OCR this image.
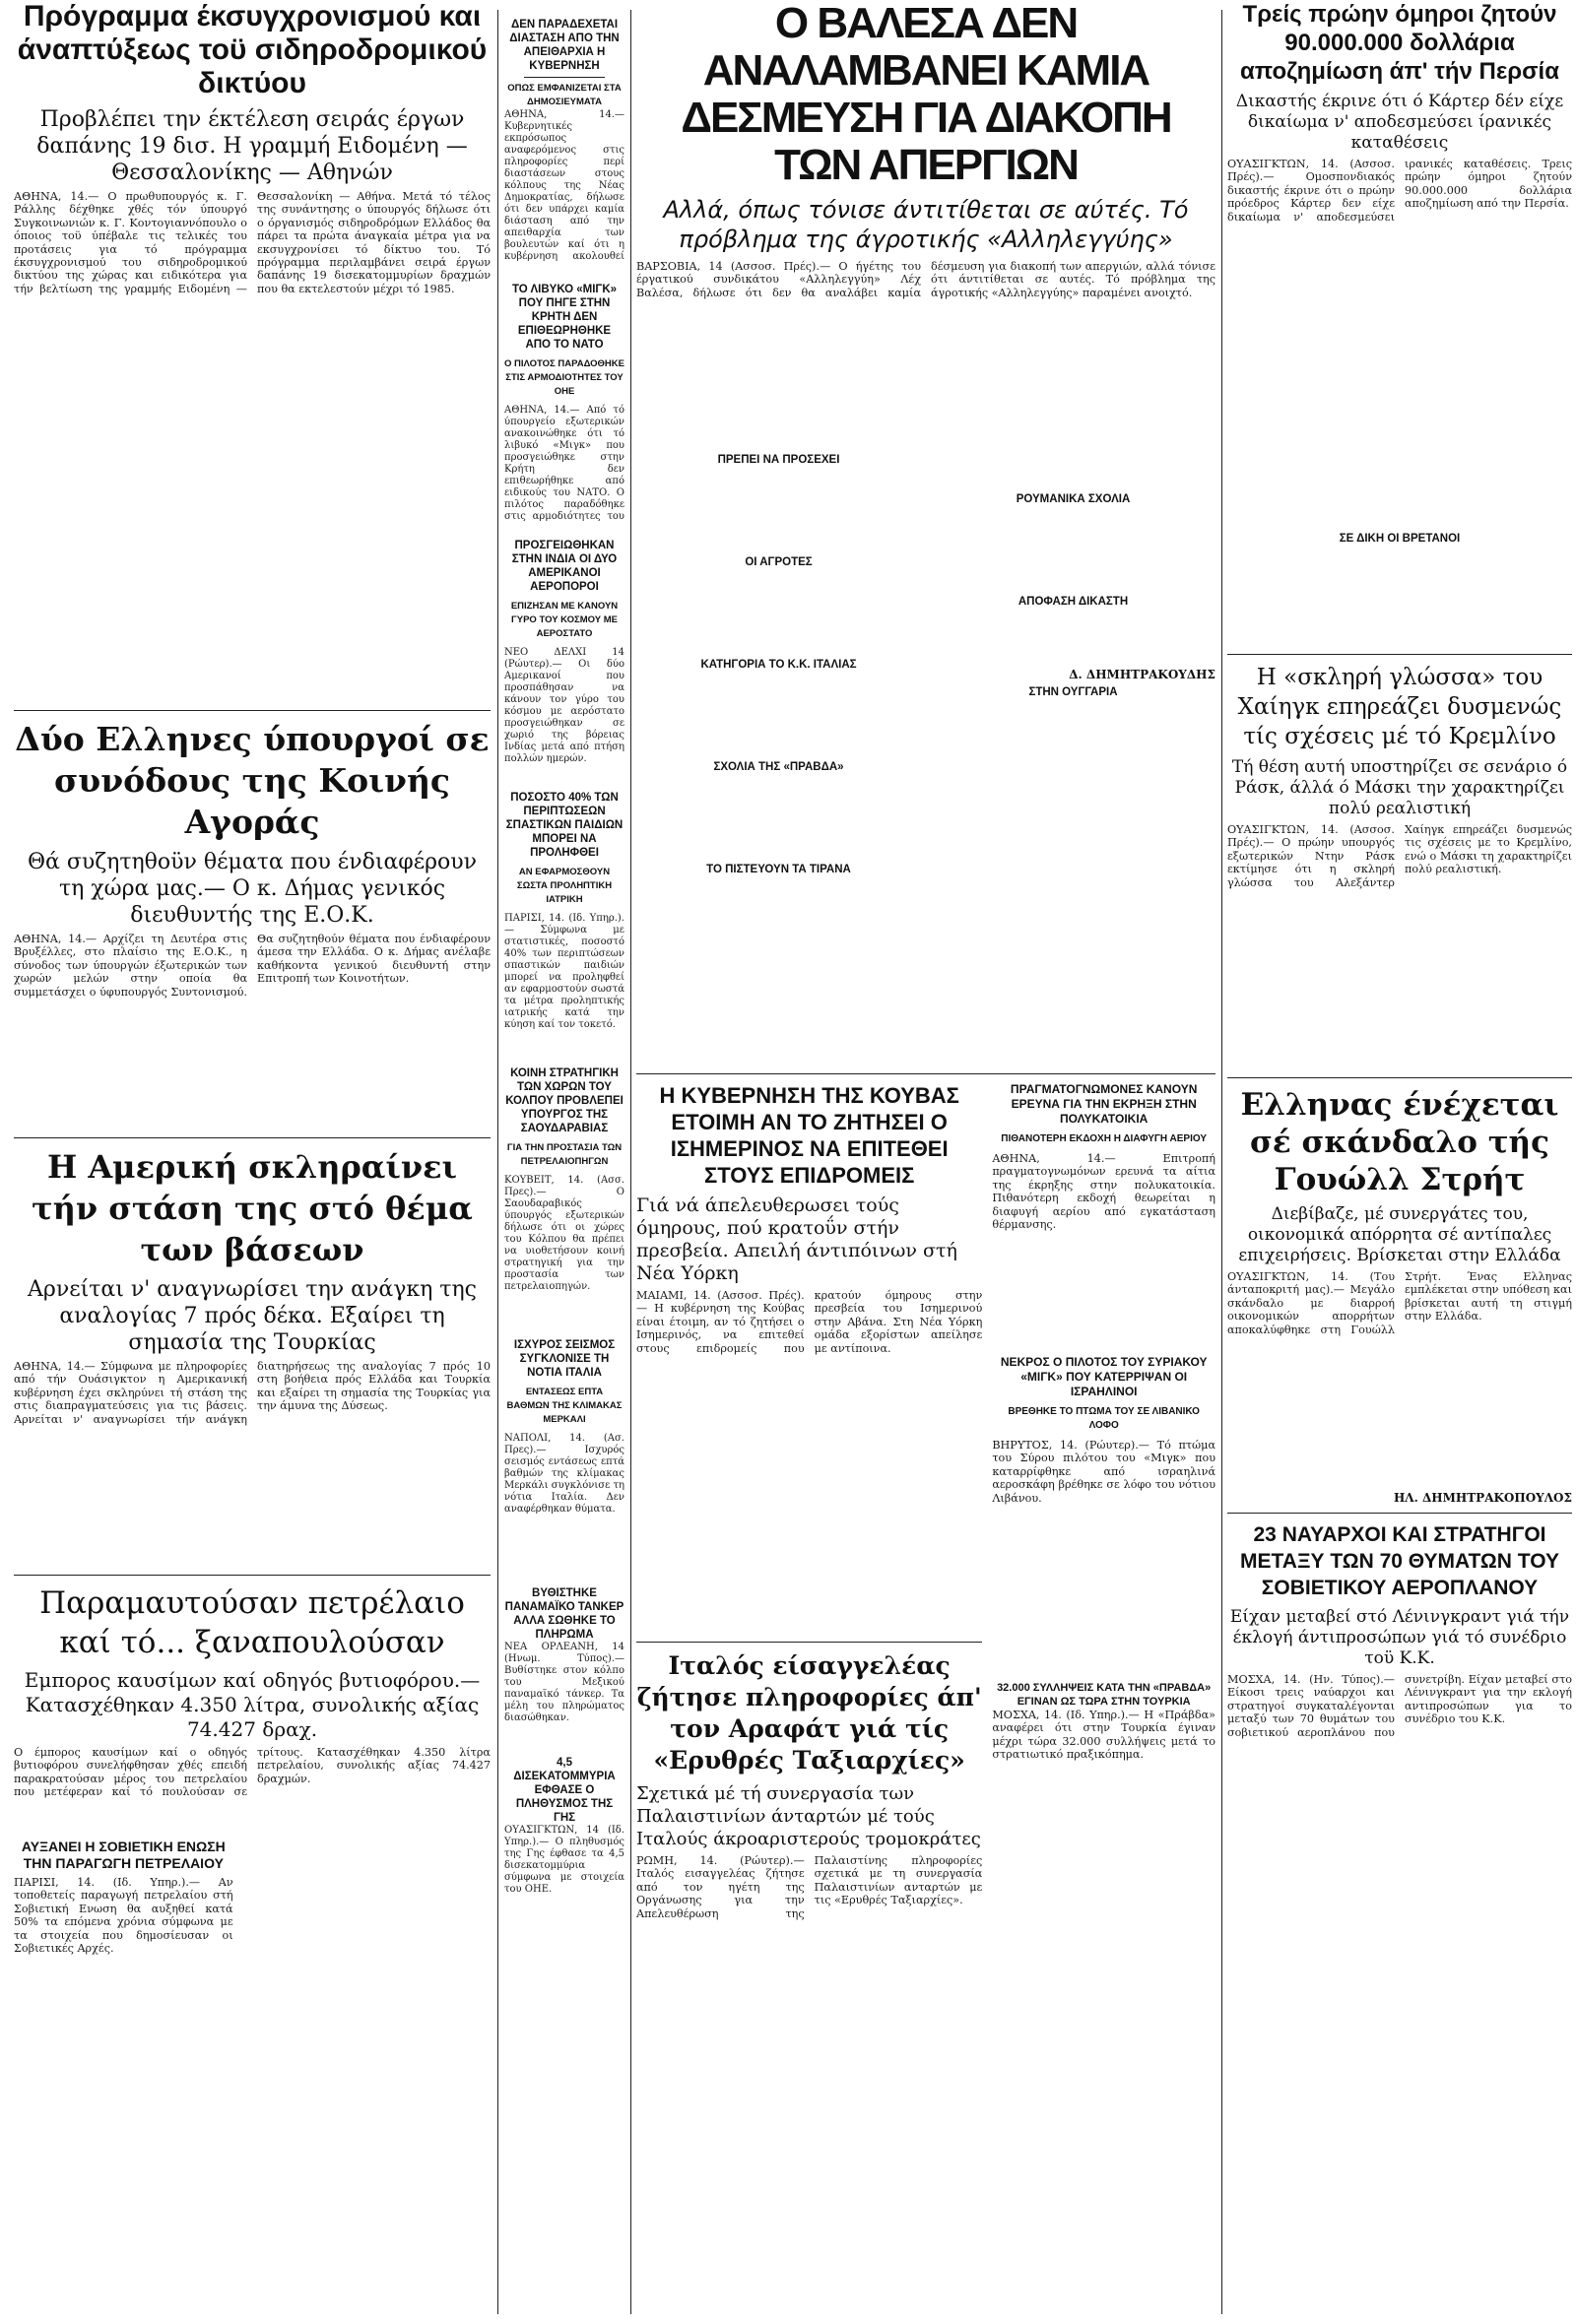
Πρόγραμμα έκσυγχρονισμού και άναπτύξεως τοϋ σιδηροδρομικού δικτύου
Προβλέπει την έκτέλεση σειράς έργων δαπάνης 19 δισ. Η γραμμή Ειδομένη — Θεσσαλονίκης — Αθηνών
ΑΘΗΝΑ, 14.— Ο πρωθυπουργός κ. Γ. Ράλλης δέχθηκε χθές τόν ύπουργό Συγκοινωνιών κ. Γ. Κοντογιαννόπουλο ο όποιος τοϋ ύπέβαλε τις τελικές του προτάσεις για τό πρόγραμμα έκσυγχρονισμού του σιδηροδρομικού δικτύου της χώρας και ειδικότερα για τήν βελτίωση της γραμμής Ειδομένη — Θεσσαλονίκη — Αθήνα. Μετά τό τέλος της συνάντησης ο ύπουργός δήλωσε ότι ο όργανισμός σιδηροδρόμων Ελλάδος θα πάρει τα πρώτα άναγκαία μέτρα για να εκσυγχρονίσει τό δίκτυο του. Τό πρόγραμμα περιλαμβάνει σειρά έργων δαπάνης 19 δισεκατομμυρίων δραχμών που θα εκτελεστούν μέχρι τό 1985.
Δύο Ελληνες ύπουργοί σε συνόδους της Κοινής Αγοράς
Θά συζητηθοϋν θέματα που ένδιαφέρουν τη χώρα μας.— Ο κ. Δήμας γενικός διευθυντής της Ε.Ο.Κ.
ΑΘΗΝΑ, 14.— Αρχίζει τη Δευτέρα στις Βρυξέλλες, στο πλαίσιο της Ε.Ο.Κ., η σύνοδος των ύπουργών έξωτερικών των χωρών μελών στην οποία θα συμμετάσχει ο ύφυπουργός Συντονισμού. Θα συζητηθούν θέματα που ένδιαφέρουν άμεσα την Ελλάδα. Ο κ. Δήμας ανέλαβε καθήκοντα γενικού διευθυντή στην Επιτροπή των Κοινοτήτων.
Η Αμερική σκληραίνει τήν στάση της στό θέμα των βάσεων
Αρνείται ν' αναγνωρίσει την ανάγκη της αναλογίας 7 πρός δέκα. Εξαίρει τη σημασία της Τουρκίας
ΑΘΗΝΑ, 14.— Σύμφωνα με πληροφορίες από τήν Ουάσιγκτον η Αμερικανική κυβέρνηση έχει σκληρύνει τή στάση της στις διαπραγματεύσεις για τις βάσεις. Αρνείται ν' αναγνωρίσει τήν ανάγκη διατηρήσεως της αναλογίας 7 πρός 10 στη βοήθεια πρός Ελλάδα και Τουρκία και εξαίρει τη σημασία της Τουρκίας για την άμυνα της Δύσεως.
Παραμαυτούσαν πετρέλαιο καί τό... ξαναπουλούσαν
Εμπορος καυσίμων καί οδηγός βυτιοφόρου.— Κατασχέθηκαν 4.350 λίτρα, συνολικής αξίας 74.427 δραχ.
Ο έμπορος καυσίμων καί ο οδηγός βυτιοφόρου συνελήφθησαν χθές επειδή παρακρατούσαν μέρος του πετρελαίου που μετέφεραν καί τό πουλούσαν σε τρίτους. Κατασχέθηκαν 4.350 λίτρα πετρελαίου, συνολικής αξίας 74.427 δραχμών.
ΑΥΞΑΝΕΙ Η ΣΟΒΙΕΤΙΚΗ ΕΝΩΣΗ ΤΗΝ ΠΑΡΑΓΩΓΗ ΠΕΤΡΕΛΑΙΟΥ
ΠΑΡΙΣΙ, 14. (Ιδ. Υπηρ.).— Αν τοποθετείς παραγωγή πετρελαίου στή Σοβιετική Ενωση θα αυξηθεί κατά 50% τα επόμενα χρόνια σύμφωνα με τα στοιχεία που δημοσίευσαν οι Σοβιετικές Αρχές.
ΔΕΝ ΠΑΡΑΔΕΧΕΤΑΙ ΔΙΑΣΤΑΣΗ ΑΠΟ ΤΗΝ ΑΠΕΙΘΑΡΧΙΑ Η ΚΥΒΕΡΝΗΣΗ
ΟΠΩΣ ΕΜΦΑΝΙΖΕΤΑΙ ΣΤΑ ΔΗΜΟΣΙΕΥΜΑΤΑ
ΑΘΗΝΑ, 14.— Κυβερνητικές εκπρόσωπος αναφερόμενος στις πληροφορίες περί διαστάσεων στους κόλπους της Νέας Δημοκρατίας, δήλωσε ότι δεν υπάρχει καμία διάσταση από την απειθαρχία των βουλευτών καί ότι η κυβέρνηση ακολουθεί
ΤΟ ΛΙΒΥΚΟ «ΜΙΓΚ» ΠΟΥ ΠΗΓΕ ΣΤΗΝ ΚΡΗΤΗ ΔΕΝ ΕΠΙΘΕΩΡΗΘΗΚΕ ΑΠΟ ΤΟ ΝΑΤΟ
Ο ΠΙΛΟΤΟΣ ΠΑΡΑΔΟΘΗΚΕ ΣΤΙΣ ΑΡΜΟΔΙΟΤΗΤΕΣ ΤΟΥ ΟΗΕ
ΑΘΗΝΑ, 14.— Από τό ύπουργείο εξωτερικών ανακοινώθηκε ότι τό λιβυκό «Μιγκ» που προσγειώθηκε στην Κρήτη δεν επιθεωρήθηκε από ειδικούς του ΝΑΤΟ. Ο πιλότος παραδόθηκε στις αρμοδιότητες του
ΠΡΟΣΓΕΙΩΘΗΚΑΝ ΣΤΗΝ ΙΝΔΙΑ ΟΙ ΔΥΟ ΑΜΕΡΙΚΑΝΟΙ ΑΕΡΟΠΟΡΟΙ
ΕΠΙΖΗΣΑΝ ΜΕ ΚΑΝΟΥΝ ΓΥΡΟ ΤΟΥ ΚΟΣΜΟΥ ΜΕ ΑΕΡΟΣΤΑΤΟ
ΝΕΟ ΔΕΛΧΙ 14 (Ρώυτερ).— Οι δύο Αμερικανοί που προσπάθησαν να κάνουν τον γύρο του κόσμου με αερόστατο προσγειώθηκαν σε χωριό της βόρειας Ινδίας μετά από πτήση πολλών ημερών.
ΠΟΣΟΣΤΟ 40% ΤΩΝ ΠΕΡΙΠΤΩΣΕΩΝ ΣΠΑΣΤΙΚΩΝ ΠΑΙΔΙΩΝ ΜΠΟΡΕΙ ΝΑ ΠΡΟΛΗΦΘΕΙ
ΑΝ ΕΦΑΡΜΟΣΘΟΥΝ ΣΩΣΤΑ ΠΡΟΛΗΠΤΙΚΗ ΙΑΤΡΙΚΗ
ΠΑΡΙΣΙ, 14. (Ιδ. Υπηρ.).— Σύμφωνα με στατιστικές, ποσοστό 40% των περιπτώσεων σπαστικών παιδιών μπορεί να προληφθεί αν εφαρμοστούν σωστά τα μέτρα προληπτικής ιατρικής κατά την κύηση καί τον τοκετό.
ΚΟΙΝΗ ΣΤΡΑΤΗΓΙΚΗ ΤΩΝ ΧΩΡΩΝ ΤΟΥ ΚΟΛΠΟΥ ΠΡΟΒΛΕΠΕΙ ΥΠΟΥΡΓΟΣ ΤΗΣ ΣΑΟΥΔΑΡΑΒΙΑΣ
ΓΙΑ ΤΗΝ ΠΡΟΣΤΑΣΙΑ ΤΩΝ ΠΕΤΡΕΛΑΙΟΠΗΓΩΝ
ΚΟΥΒΕΙΤ, 14. (Ασσ. Πρες).— Ο Σαουδαραβικός ύπουργός εξωτερικών δήλωσε ότι οι χώρες του Κόλπου θα πρέπει να υιοθετήσουν κοινή στρατηγική για την προστασία των πετρελαιοπηγών.
ΙΣΧΥΡΟΣ ΣΕΙΣΜΟΣ ΣΥΓΚΛΟΝΙΣΕ ΤΗ ΝΟΤΙΑ ΙΤΑΛΙΑ
ΕΝΤΑΣΕΩΣ ΕΠΤΑ ΒΑΘΜΩΝ ΤΗΣ ΚΛΙΜΑΚΑΣ ΜΕΡΚΑΛΙ
ΝΑΠΟΛΙ, 14. (Ασ. Πρες).— Ισχυρός σεισμός εντάσεως επτά βαθμών της κλίμακας Μερκάλι συγκλόνισε τη νότια Ιταλία. Δεν αναφέρθηκαν θύματα.
ΒΥΘΙΣΤΗΚΕ ΠΑΝΑΜΑΪΚΟ ΤΑΝΚΕΡ ΑΛΛΑ ΣΩΘΗΚΕ ΤΟ ΠΛΗΡΩΜΑ
ΝΕΑ ΟΡΛΕΑΝΗ, 14 (Ηνωμ. Τύπος).— Βυθίστηκε στον κόλπο του Μεξικού παναμαϊκό τάνκερ. Τα μέλη του πληρώματος διασώθηκαν.
4,5 ΔΙΣΕΚΑΤΟΜΜΥΡΙΑ ΕΦΘΑΣΕ Ο ΠΛΗΘΥΣΜΟΣ ΤΗΣ ΓΗΣ
ΟΥΑΣΙΓΚΤΩΝ, 14 (Ιδ. Υπηρ.).— Ο πληθυσμός της Γης έφθασε τα 4,5 δισεκατομμύρια σύμφωνα με στοιχεία του ΟΗΕ.
Ο ΒΑΛΕΣΑ ΔΕΝ ΑΝΑΛΑΜΒΑΝΕΙ ΚΑΜΙΑ ΔΕΣΜΕΥΣΗ ΓΙΑ ΔΙΑΚΟΠΗ ΤΩΝ ΑΠΕΡΓΙΩΝ
Αλλά, όπως τόνισε άντιτίθεται σε αύτές. Τό πρόβλημα της άγροτικής «Αλληλεγγύης»
ΒΑΡΣΟΒΙΑ, 14 (Ασσοσ. Πρές).— Ο ήγέτης του έργατικού συνδικάτου «Αλληλεγγύη» Λέχ Βαλέσα, δήλωσε ότι δεν θα αναλάβει καμία δέσμευση για διακοπή των απεργιών, αλλά τόνισε ότι άντιτίθεται σε αυτές. Τό πρόβλημα της άγροτικής «Αλληλεγγύης» παραμένει ανοιχτό.
ΠΡΕΠΕΙ ΝΑ ΠΡΟΣΕΧΕΙ
ΟΙ ΑΓΡΟΤΕΣ
ΚΑΤΗΓΟΡΙΑ ΤΟ Κ.Κ. ΙΤΑΛΙΑΣ
ΣΧΟΛΙΑ ΤΗΣ «ΠΡΑΒΔΑ»
ΤΟ ΠΙΣΤΕΥΟΥΝ ΤΑ ΤΙΡΑΝΑ
ΡΟΥΜΑΝΙΚΑ ΣΧΟΛΙΑ
ΑΠΟΦΑΣΗ ΔΙΚΑΣΤΗ
Δ. ΔΗΜΗΤΡΑΚΟΥΔΗΣ
ΣΤΗΝ ΟΥΓΓΑΡΙΑ
Η ΚΥΒΕΡΝΗΣΗ ΤΗΣ ΚΟΥΒΑΣ ΕΤΟΙΜΗ ΑΝ ΤΟ ΖΗΤΗΣΕΙ Ο ΙΣΗΜΕΡΙΝΟΣ ΝΑ ΕΠΙΤΕΘΕΙ ΣΤΟΥΣ ΕΠΙΔΡΟΜΕΙΣ
Γιά νά άπελευθερωσει τούς όμηρους, πού κρατοΰν στήν πρεσβεία. Απειλή άντιπόινων στή Νέα Υόρκη
ΜΑΙΑΜΙ, 14. (Ασσοσ. Πρές).— Η κυβέρνηση της Κούβας είναι έτοιμη, αν τό ζητήσει ο Ισημερινός, να επιτεθεί στους επιδρομείς που κρατούν όμηρους στην πρεσβεία του Ισημερινού στην Αβάνα. Στη Νέα Υόρκη ομάδα εξορίστων απείλησε με αντίποινα.
Ιταλός είσαγγελέας ζήτησε πληροφορίες άπ' τον Αραφάτ γιά τίς «Ερυθρές Ταξιαρχίες»
Σχετικά μέ τή συνεργασία των Παλαιστινίων άνταρτών μέ τούς Ιταλούς άκροαριστερούς τρομοκράτες
ΡΩΜΗ, 14. (Ρώυτερ).— Ιταλός εισαγγελέας ζήτησε από τον ηγέτη της Οργάνωσης για την Απελευθέρωση της Παλαιστίνης πληροφορίες σχετικά με τη συνεργασία Παλαιστινίων ανταρτών με τις «Ερυθρές Ταξιαρχίες».
ΠΡΑΓΜΑΤΟΓΝΩΜΟΝΕΣ ΚΑΝΟΥΝ ΕΡΕΥΝΑ ΓΙΑ ΤΗΝ ΕΚΡΗΞΗ ΣΤΗΝ ΠΟΛΥΚΑΤΟΙΚΙΑ
ΠΙΘΑΝΟΤΕΡΗ ΕΚΔΟΧΗ Η ΔΙΑΦΥΓΗ ΑΕΡΙΟΥ
ΑΘΗΝΑ, 14.— Επιτροπή πραγματογνωμόνων ερευνά τα αίτια της έκρηξης στην πολυκατοικία. Πιθανότερη εκδοχή θεωρείται η διαφυγή αερίου από εγκατάσταση θέρμανσης.
ΝΕΚΡΟΣ Ο ΠΙΛΟΤΟΣ ΤΟΥ ΣΥΡΙΑΚΟΥ «ΜΙΓΚ» ΠΟΥ ΚΑΤΕΡΡΙΨΑΝ ΟΙ ΙΣΡΑΗΛΙΝΟΙ
ΒΡΕΘΗΚΕ ΤΟ ΠΤΩΜΑ ΤΟΥ ΣΕ ΛΙΒΑΝΙΚΟ ΛΟΦΟ
ΒΗΡΥΤΟΣ, 14. (Ρώυτερ).— Τό πτώμα του Σύρου πιλότου του «Μιγκ» που καταρρίφθηκε από ισραηλινά αεροσκάφη βρέθηκε σε λόφο του νότιου Λιβάνου.
32.000 ΣΥΛΛΗΨΕΙΣ ΚΑΤΑ ΤΗΝ «ΠΡΑΒΔΑ» ΕΓΙΝΑΝ ΩΣ ΤΩΡΑ ΣΤΗΝ ΤΟΥΡΚΙΑ
ΜΟΣΧΑ, 14. (Ιδ. Υπηρ.).— Η «Πράβδα» αναφέρει ότι στην Τουρκία έγιναν μέχρι τώρα 32.000 συλλήψεις μετά το στρατιωτικό πραξικόπημα.
Τρείς πρώην όμηροι ζητούν 90.000.000 δολλάρια αποζημίωση άπ' τήν Περσία
Δικαστής έκρινε ότι ό Κάρτερ δέν είχε δικαίωμα ν' αποδεσμεύσει ίρανικές καταθέσεις
ΟΥΑΣΙΓΚΤΩΝ, 14. (Ασσοσ. Πρές).— Ομοσπονδιακός δικαστής έκρινε ότι ο πρώην πρόεδρος Κάρτερ δεν είχε δικαίωμα ν' αποδεσμεύσει ιρανικές καταθέσεις. Τρεις πρώην όμηροι ζητούν 90.000.000 δολλάρια αποζημίωση από την Περσία.
ΣΕ ΔΙΚΗ ΟΙ ΒΡΕΤΑΝΟΙ
Η «σκληρή γλώσσα» του Χαίηγκ επηρεάζει δυσμενώς τίς σχέσεις μέ τό Κρεμλίνο
Τή θέση αυτή υποστηρίζει σε σενάριο ό Ράσκ, άλλά ό Μάσκι την χαρακτηρίζει πολύ ρεαλιστική
ΟΥΑΣΙΓΚΤΩΝ, 14. (Ασσοσ. Πρές).— Ο πρώην υπουργός εξωτερικών Ντην Ράσκ εκτίμησε ότι η σκληρή γλώσσα του Αλεξάντερ Χαίηγκ επηρεάζει δυσμενώς τις σχέσεις με το Κρεμλίνο, ενώ ο Μάσκι τη χαρακτηρίζει πολύ ρεαλιστική.
Ελληνας ένέχεται σέ σκάνδαλο τής Γουώλλ Στρήτ
Διεβίβαζε, μέ συνεργάτες του, οικονομικά απόρρητα σέ αντίπαλες επιχειρήσεις. Βρίσκεται στην Ελλάδα
ΟΥΑΣΙΓΚΤΩΝ, 14. (Του άνταποκριτή μας).— Μεγάλο σκάνδαλο με διαρροή οικονομικών απορρήτων αποκαλύφθηκε στη Γουώλλ Στρήτ. Ένας Ελληνας εμπλέκεται στην υπόθεση και βρίσκεται αυτή τη στιγμή στην Ελλάδα.
ΗΛ. ΔΗΜΗΤΡΑΚΟΠΟΥΛΟΣ
23 ΝΑΥΑΡΧΟΙ ΚΑΙ ΣΤΡΑΤΗΓΟΙ ΜΕΤΑΞΥ ΤΩΝ 70 ΘΥΜΑΤΩΝ ΤΟΥ ΣΟΒΙΕΤΙΚΟΥ ΑΕΡΟΠΛΑΝΟΥ
Είχαν μεταβεί στό Λένινγκραντ γιά τήν έκλογή άντιπροσώπων γιά τό συνέδριο τοϋ Κ.Κ.
ΜΟΣΧΑ, 14. (Ην. Τύπος).— Είκοσι τρεις ναύαρχοι και στρατηγοί συγκαταλέγονται μεταξύ των 70 θυμάτων του σοβιετικού αεροπλάνου που συνετρίβη. Είχαν μεταβεί στο Λένινγκραντ για την εκλογή αντιπροσώπων για το συνέδριο του Κ.Κ.
